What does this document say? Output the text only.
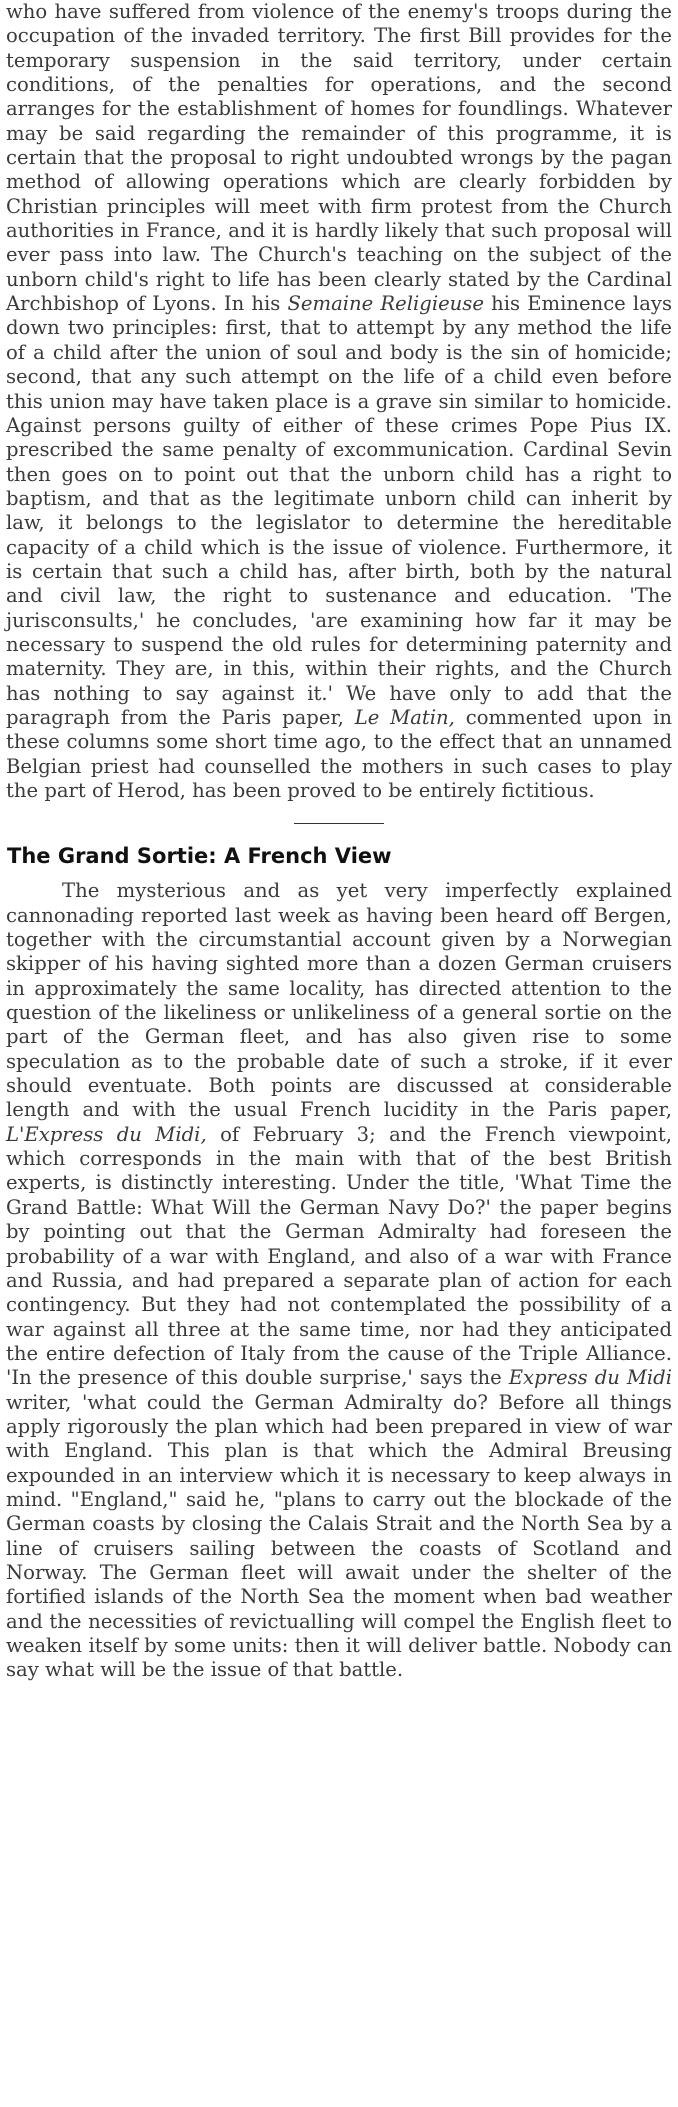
who have suffered from violence of the enemy's troops during the occupation of the invaded territory. The first Bill provides for the temporary suspension in the said territory, under certain conditions, of the penalties for operations, and the second arranges for the establishment of homes for foundlings. Whatever may be said regarding the remainder of this programme, it is certain that the proposal to right undoubted wrongs by the pagan method of allowing operations which are clearly forbidden by Christian principles will meet with firm protest from the Church authorities in France, and it is hardly likely that such proposal will ever pass into law. The Church's teaching on the subject of the unborn child's right to life has been clearly stated by the Cardinal Archbishop of Lyons. In his Semaine Religieuse his Eminence lays down two principles: first, that to attempt by any method the life of a child after the union of soul and body is the sin of homicide; second, that any such attempt on the life of a child even before this union may have taken place is a grave sin similar to homicide. Against persons guilty of either of these crimes Pope Pius IX. prescribed the same penalty of excommunication. Cardinal Sevin then goes on to point out that the unborn child has a right to baptism, and that as the legitimate unborn child can inherit by law, it belongs to the legislator to determine the hereditable capacity of a child which is the issue of violence. Furthermore, it is certain that such a child has, after birth, both by the natural and civil law, the right to sustenance and education. 'The jurisconsults,' he concludes, 'are examining how far it may be necessary to suspend the old rules for determining paternity and maternity. They are, in this, within their rights, and the Church has nothing to say against it.' We have only to add that the paragraph from the Paris paper, Le Matin, commented upon in these columns some short time ago, to the effect that an unnamed Belgian priest had counselled the mothers in such cases to play the part of Herod, has been proved to be entirely fictitious.

The Grand Sortie: A French View

The mysterious and as yet very imperfectly explained cannonading reported last week as having been heard off Bergen, together with the circumstantial account given by a Norwegian skipper of his having sighted more than a dozen German cruisers in approximately the same locality, has directed attention to the question of the likeliness or unlikeliness of a general sortie on the part of the German fleet, and has also given rise to some speculation as to the probable date of such a stroke, if it ever should eventuate. Both points are discussed at considerable length and with the usual French lucidity in the Paris paper, L'Express du Midi, of February 3; and the French viewpoint, which corresponds in the main with that of the best British experts, is distinctly interesting. Under the title, 'What Time the Grand Battle: What Will the German Navy Do?' the paper begins by pointing out that the German Admiralty had foreseen the probability of a war with England, and also of a war with France and Russia, and had prepared a separate plan of action for each contingency. But they had not contemplated the possibility of a war against all three at the same time, nor had they anticipated the entire defection of Italy from the cause of the Triple Alliance. 'In the presence of this double surprise,' says the Express du Midi writer, 'what could the German Admiralty do? Before all things apply rigorously the plan which had been prepared in view of war with England. This plan is that which the Admiral Breusing expounded in an interview which it is necessary to keep always in mind. "England," said he, "plans to carry out the blockade of the German coasts by closing the Calais Strait and the North Sea by a line of cruisers sailing between the coasts of Scotland and Norway. The German fleet will await under the shelter of the fortified islands of the North Sea the moment when bad weather and the necessities of revictualling will compel the English fleet to weaken itself by some units: then it will deliver battle. Nobody can say what will be the issue of that battle.
